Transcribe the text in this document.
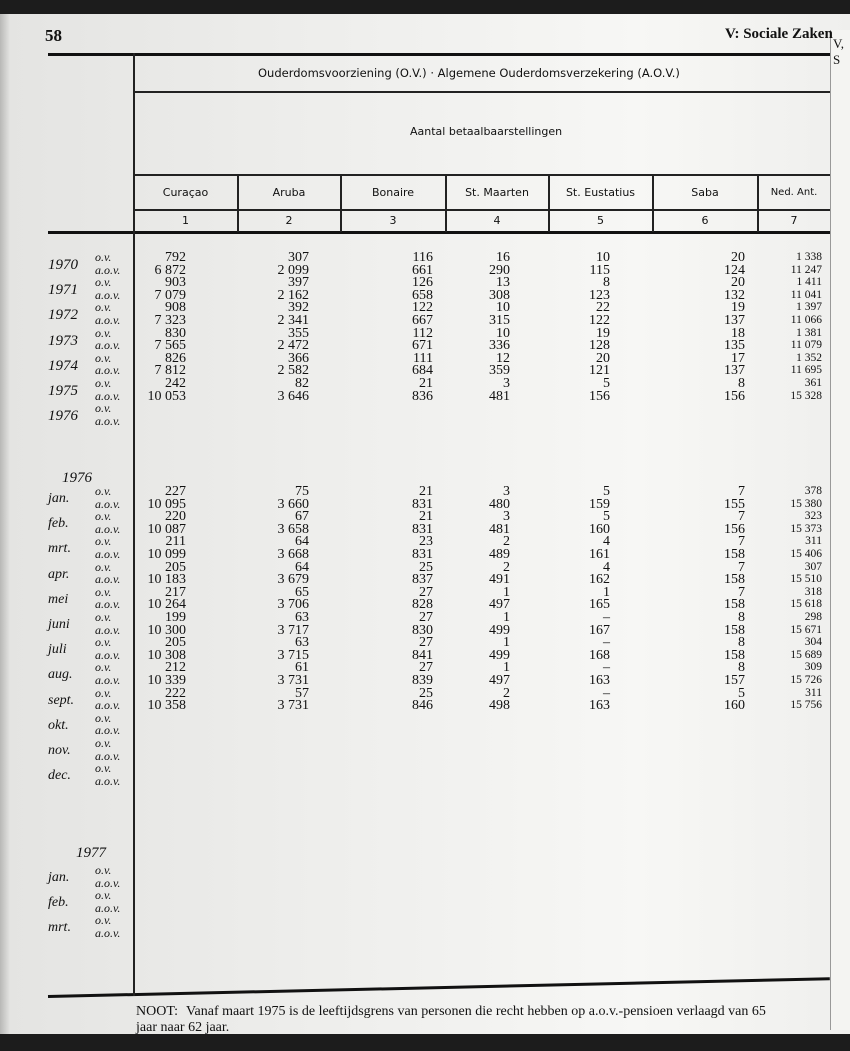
V, S
58	V: Sociale Zaken
Ouderdomsvoorziening (O.V.) · Algemene Ouderdomsverzekering (A.O.V.)
Aantal betaalbaarstellingen
Curaçao	Aruba	Bonaire	St. Maarten	St. Eustatius	Saba	Ned. Ant.
1	2	3	4	5	6	7
1970 o.v.	792	307	116	16	10	20	1 338
a.o.v.	6 872	2 099	661	290	115	124	11 247
1971 o.v.	903	397	126	13	8	20	1 411
a.o.v.	7 079	2 162	658	308	123	132	11 041
1972 o.v.	908	392	122	10	22	19	1 397
a.o.v.	7 323	2 341	667	315	122	137	11 066
1973 o.v.	830	355	112	10	19	18	1 381
a.o.v.	7 565	2 472	671	336	128	135	11 079
1974 o.v.	826	366	111	12	20	17	1 352
a.o.v.	7 812	2 582	684	359	121	137	11 695
1975 o.v.	242	82	21	3	5	8	361
a.o.v.	10 053	3 646	836	481	156	156	15 328
1976 o.v.
a.o.v.
1976
jan. o.v.	227	75	21	3	5	7	378
a.o.v.	10 095	3 660	831	480	159	155	15 380
feb. o.v.	220	67	21	3	5	7	323
a.o.v.	10 087	3 658	831	481	160	156	15 373
mrt. o.v.	211	64	23	2	4	7	311
a.o.v.	10 099	3 668	831	489	161	158	15 406
apr. o.v.	205	64	25	2	4	7	307
a.o.v.	10 183	3 679	837	491	162	158	15 510
mei o.v.	217	65	27	1	1	7	318
a.o.v.	10 264	3 706	828	497	165	158	15 618
juni o.v.	199	63	27	1	–	8	298
a.o.v.	10 300	3 717	830	499	167	158	15 671
juli o.v.	205	63	27	1	–	8	304
a.o.v.	10 308	3 715	841	499	168	158	15 689
aug. o.v.	212	61	27	1	–	8	309
a.o.v.	10 339	3 731	839	497	163	157	15 726
sept. o.v.	222	57	25	2	–	5	311
a.o.v.	10 358	3 731	846	498	163	160	15 756
okt. o.v.
a.o.v.
nov. o.v.
a.o.v.
dec. o.v.
a.o.v.
1977
jan. o.v.
a.o.v.
feb. o.v.
a.o.v.
mrt. o.v.
a.o.v.
NOOT: Vanaf maart 1975 is de leeftijdsgrens van personen die recht hebben op a.o.v.-pensioen verlaagd van 65 jaar naar 62 jaar.
